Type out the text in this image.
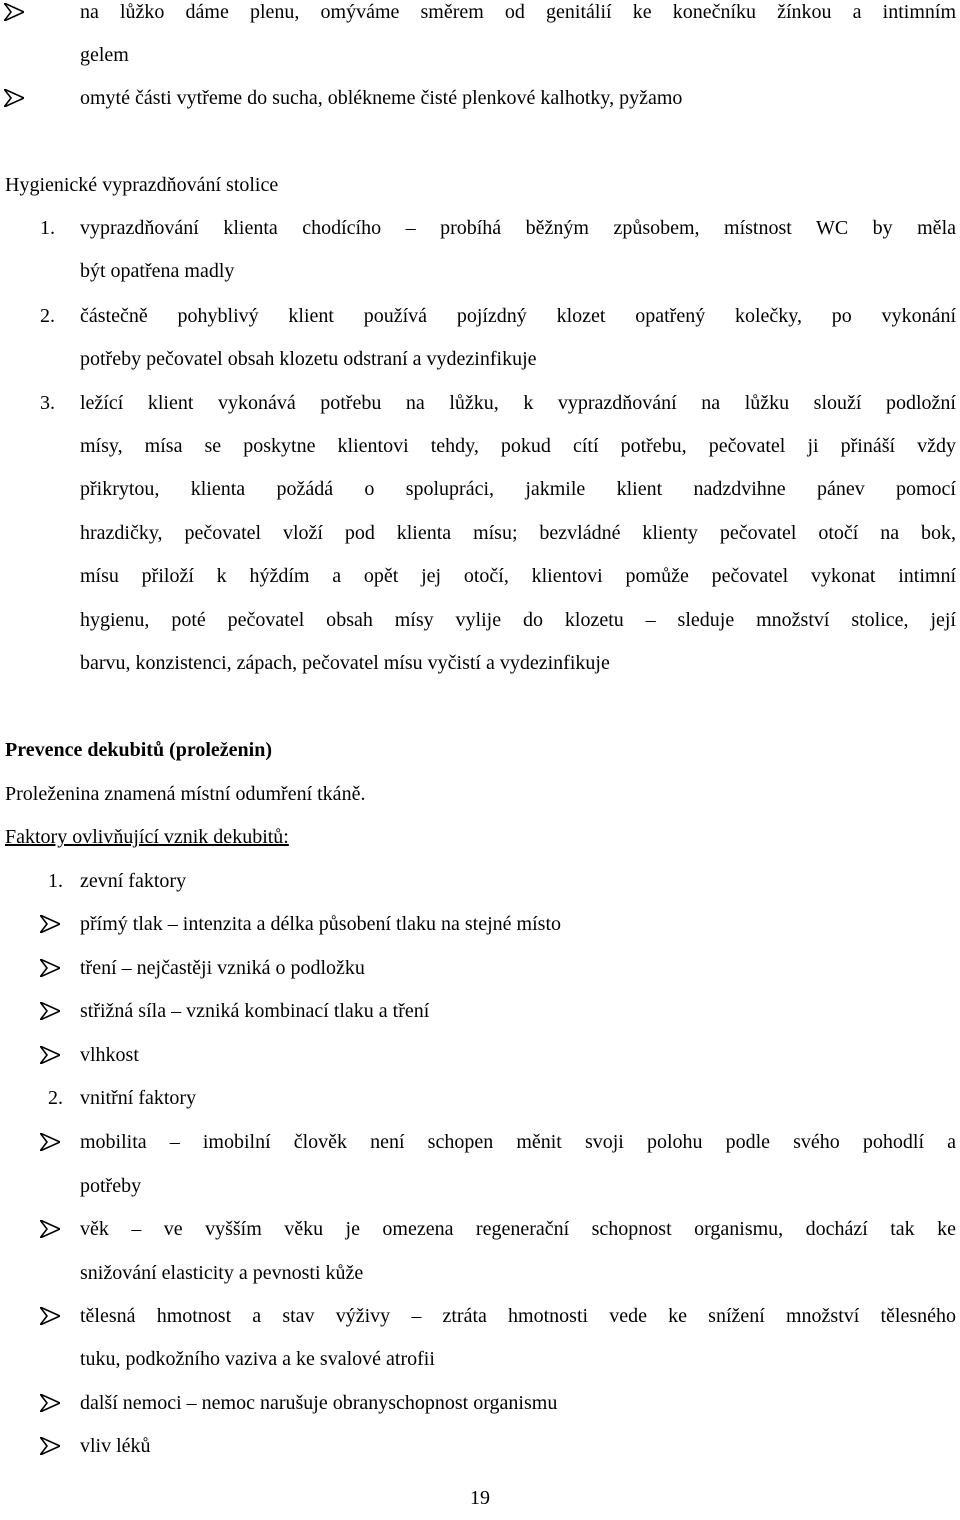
na lůžko dáme plenu, omýváme směrem od genitálií ke konečníku žínkou a intimním
gelem
omyté části vytřeme do sucha, oblékneme čisté plenkové kalhotky, pyžamo
Hygienické vyprazdňování stolice
1. vyprazdňování klienta chodícího – probíhá běžným způsobem, místnost WC by měla
být opatřena madly
2. částečně pohyblivý klient používá pojízdný klozet opatřený kolečky, po vykonání
potřeby pečovatel obsah klozetu odstraní a vydezinfikuje
3. ležící klient vykonává potřebu na lůžku, k vyprazdňování na lůžku slouží podložní
mísy, mísa se poskytne klientovi tehdy, pokud cítí potřebu, pečovatel ji přináší vždy
přikrytou, klienta požádá o spolupráci, jakmile klient nadzdvihne pánev pomocí
hrazdičky, pečovatel vloží pod klienta mísu; bezvládné klienty pečovatel otočí na bok,
mísu přiloží k hýždím a opět jej otočí, klientovi pomůže pečovatel vykonat intimní
hygienu, poté pečovatel obsah mísy vylije do klozetu – sleduje množství stolice, její
barvu, konzistenci, zápach, pečovatel mísu vyčistí a vydezinfikuje
Prevence dekubitů (proleženin)
Proleženina znamená místní odumření tkáně.
Faktory ovlivňující vznik dekubitů:
1. zevní faktory
přímý tlak – intenzita a délka působení tlaku na stejné místo
tření – nejčastěji vzniká o podložku
střižná síla – vzniká kombinací tlaku a tření
vlhkost
2. vnitřní faktory
mobilita – imobilní člověk není schopen měnit svoji polohu podle svého pohodlí a
potřeby
věk – ve vyšším věku je omezena regenerační schopnost organismu, dochází tak ke
snižování elasticity a pevnosti kůže
tělesná hmotnost a stav výživy – ztráta hmotnosti vede ke snížení množství tělesného
tuku, podkožního vaziva a ke svalové atrofii
další nemoci – nemoc narušuje obranyschopnost organismu
vliv léků
19
